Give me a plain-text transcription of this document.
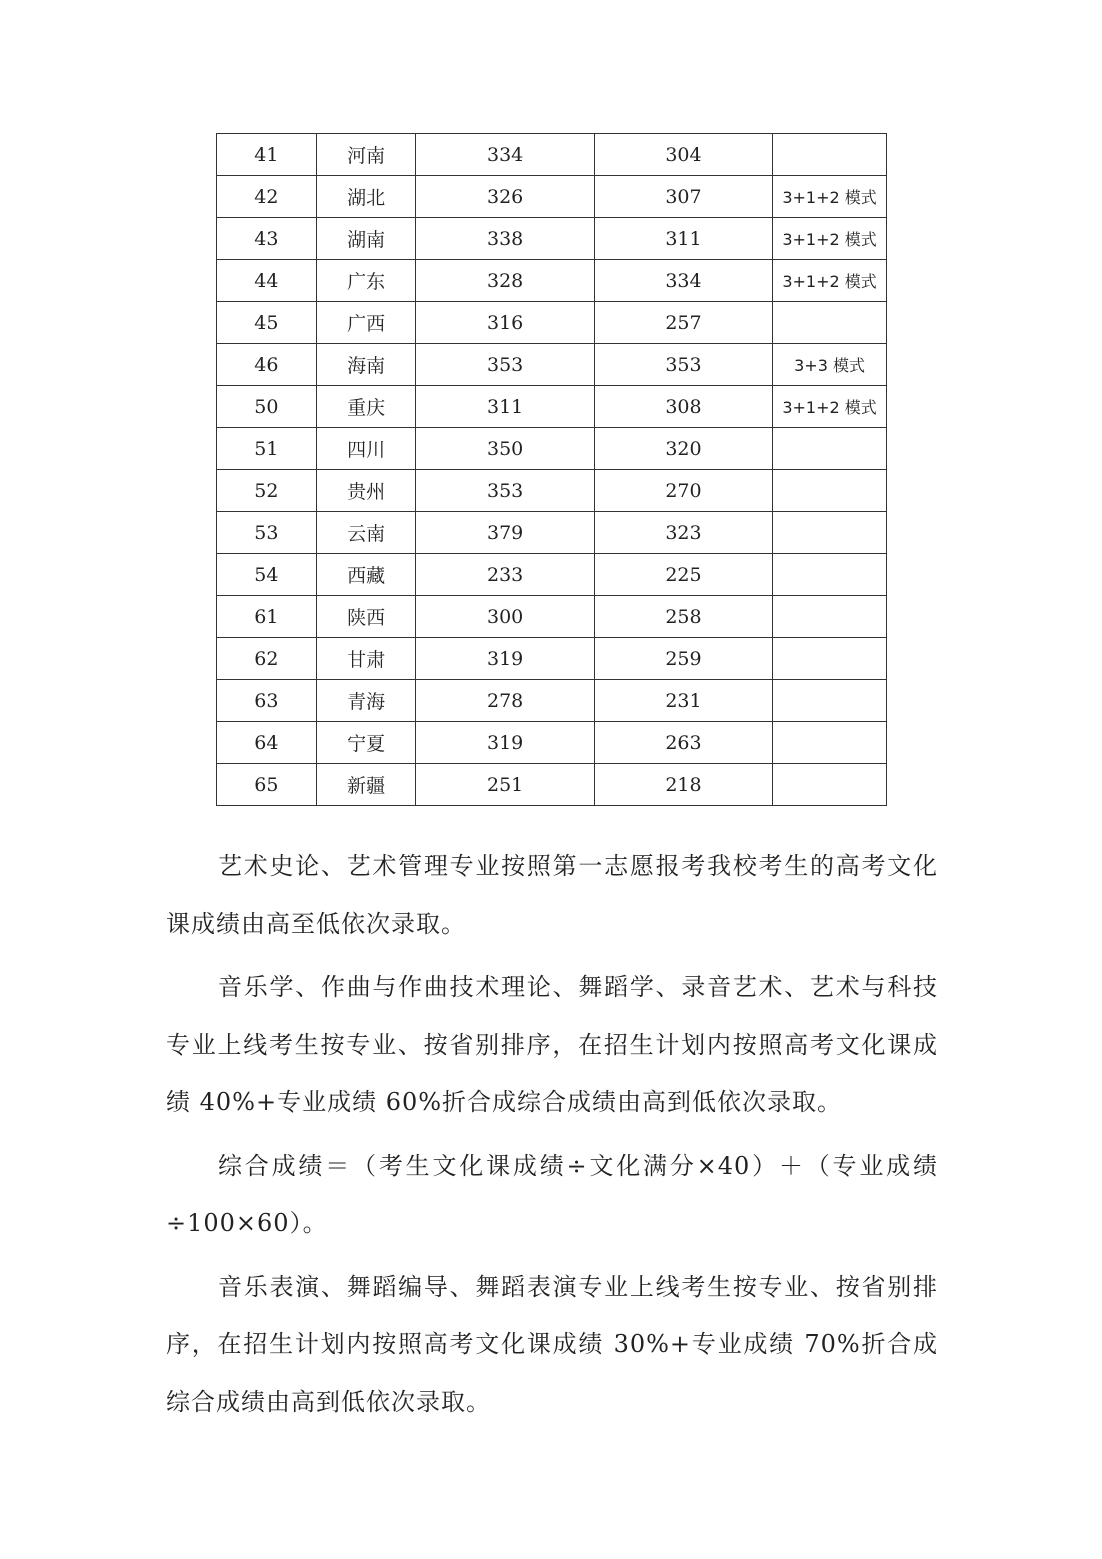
41	河南	334	304	
42	湖北	326	307	3+1+2 模式
43	湖南	338	311	3+1+2 模式
44	广东	328	334	3+1+2 模式
45	广西	316	257	
46	海南	353	353	3+3 模式
50	重庆	311	308	3+1+2 模式
51	四川	350	320	
52	贵州	353	270	
53	云南	379	323	
54	西藏	233	225	
61	陕西	300	258	
62	甘肃	319	259	
63	青海	278	231	
64	宁夏	319	263	
65	新疆	251	218	

艺术史论、艺术管理专业按照第一志愿报考我校考生的高考文化课成绩由高至低依次录取。

音乐学、作曲与作曲技术理论、舞蹈学、录音艺术、艺术与科技专业上线考生按专业、按省别排序，在招生计划内按照高考文化课成绩 40%+专业成绩 60%折合成综合成绩由高到低依次录取。

综合成绩＝（考生文化课成绩÷文化满分×40）＋（专业成绩÷100×60）。

音乐表演、舞蹈编导、舞蹈表演专业上线考生按专业、按省别排序，在招生计划内按照高考文化课成绩 30%+专业成绩 70%折合成综合成绩由高到低依次录取。
